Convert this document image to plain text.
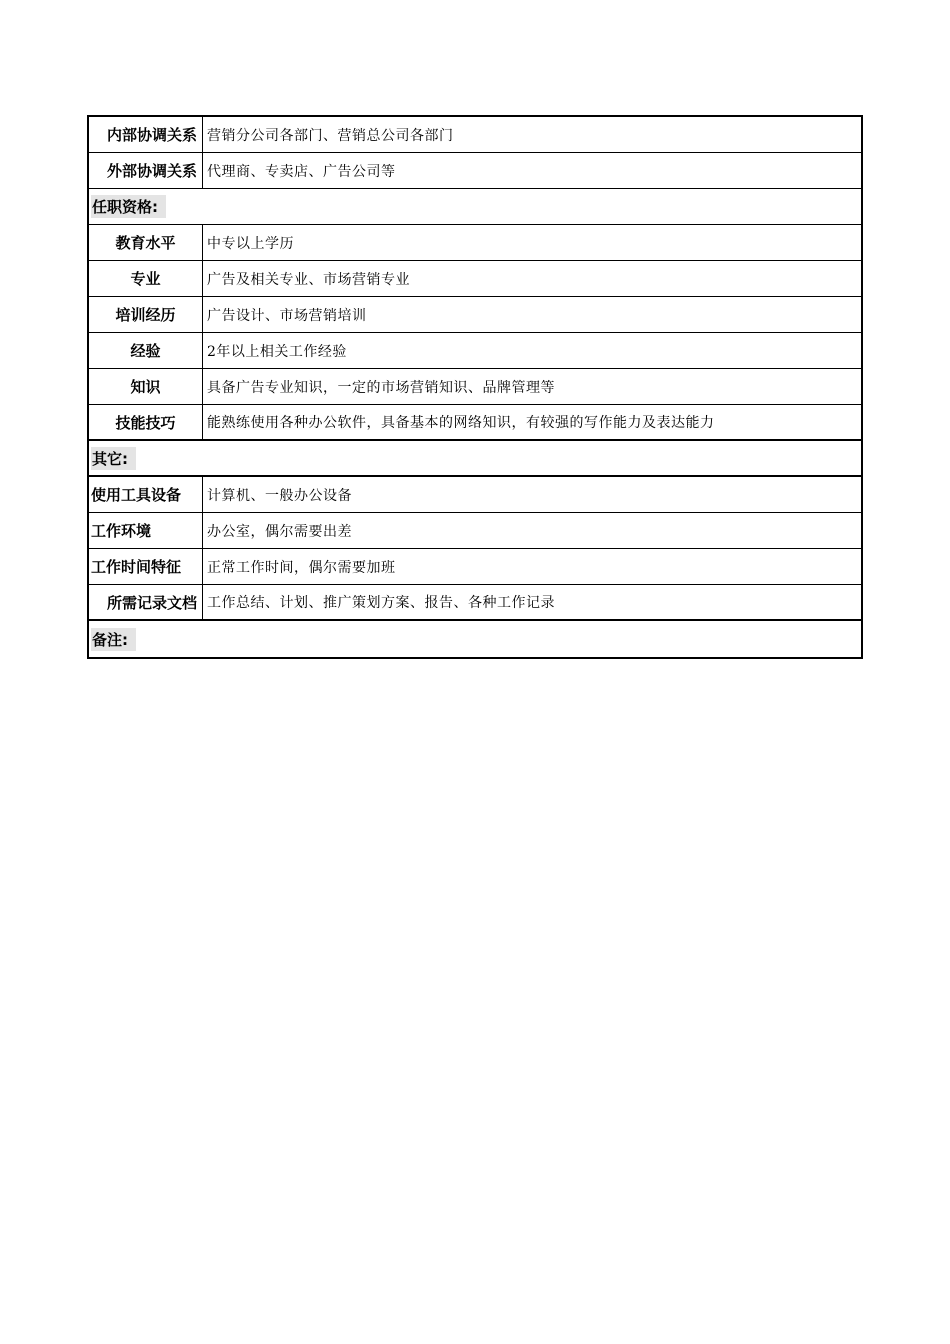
内部协调关系 营销分公司各部门、营销总公司各部门
外部协调关系 代理商、专卖店、广告公司等
任职资格:
教育水平	中专以上学历
专业	广告及相关专业、市场营销专业
培训经历	广告设计、市场营销培训
经验	2年以上相关工作经验
知识	具备广告专业知识，一定的市场营销知识、品牌管理等
技能技巧	能熟练使用各种办公软件，具备基本的网络知识，有较强的写作能力及表达能力
其它:
使用工具设备	计算机、一般办公设备
工作环境	办公室，偶尔需要出差
工作时间特征	正常工作时间，偶尔需要加班
所需记录文档 工作总结、计划、推广策划方案、报告、各种工作记录
备注:
